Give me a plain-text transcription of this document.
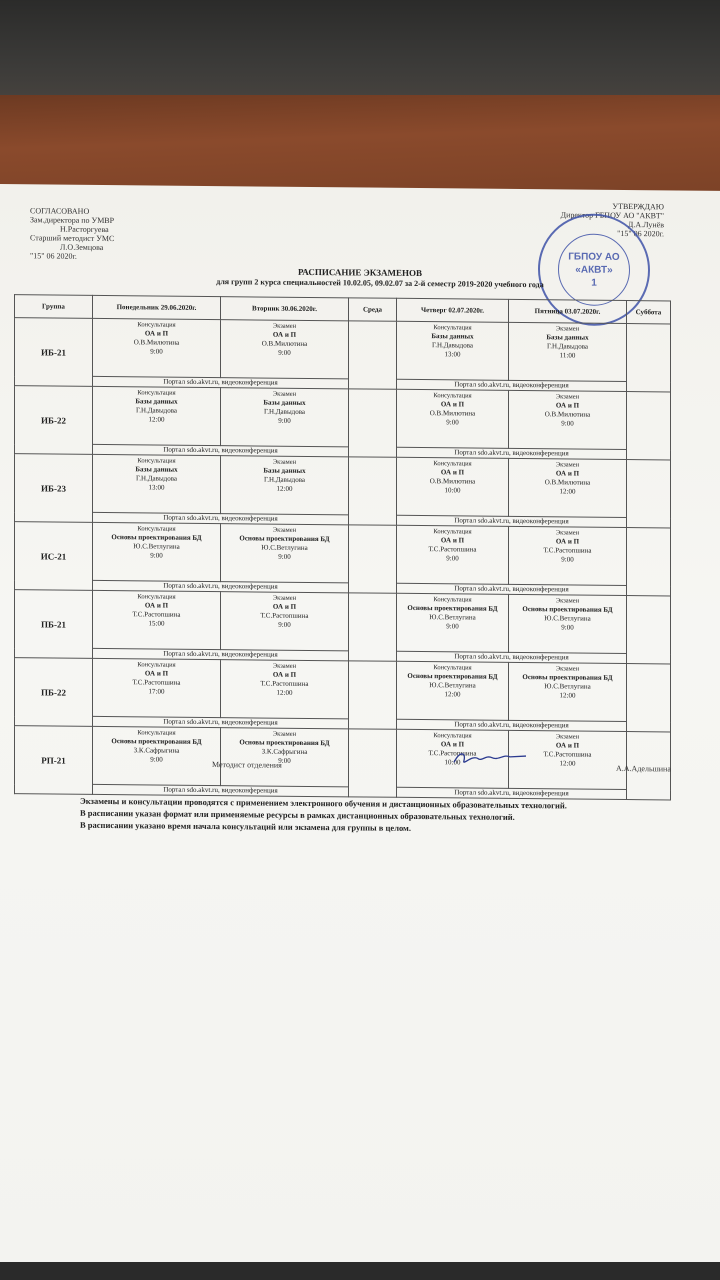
СОГЛАСОВАНО
Зам.директора по УМВР
Н.Расторгуева
Старший методист УМС
Л.О.Земцова
"15" 06 2020г.
УТВЕРЖДАЮ
Директор ГБПОУ АО "АКВТ"
Д.А.Лунёв
"15" 06 2020г.
ГБПОУ АО
«АКВТ»
1
РАСПИСАНИЕ ЭКЗАМЕНОВ
для групп 2 курса специальностей 10.02.05, 09.02.07 за 2-й семестр 2019-2020 учебного года
Группа	Понедельник 29.06.2020г.	Вторник 30.06.2020г.	Среда	Четверг 02.07.2020г.	Пятница 03.07.2020г.	Суббота
ИБ-21	Консультация
ОА и П
О.В.Милютина
9:00	Экзамен
ОА и П
О.В.Милютина
9:00		Консультация
Базы данных
Г.Н.Давыдова
13:00	Экзамен
Базы данных
Г.Н.Давыдова
11:00	

	Портал sdo.akvt.ru, видеоконференция			Портал sdo.akvt.ru, видеоконференция		
ИБ-22	Консультация
Базы данных
Г.Н.Давыдова
12:00	Экзамен
Базы данных
Г.Н.Давыдова
9:00		Консультация
ОА и П
О.В.Милютина
9:00	Экзамен
ОА и П
О.В.Милютина
9:00	

	Портал sdo.akvt.ru, видеоконференция			Портал sdo.akvt.ru, видеоконференция		
ИБ-23	Консультация
Базы данных
Г.Н.Давыдова
13:00	Экзамен
Базы данных
Г.Н.Давыдова
12:00		Консультация
ОА и П
О.В.Милютина
10:00	Экзамен
ОА и П
О.В.Милютина
12:00	

	Портал sdo.akvt.ru, видеоконференция			Портал sdo.akvt.ru, видеоконференция		
ИС-21	Консультация
Основы проектирования БД
Ю.С.Ветлугина
9:00	Экзамен
Основы проектирования БД
Ю.С.Ветлугина
9:00		Консультация
ОА и П
Т.С.Растопшина
9:00	Экзамен
ОА и П
Т.С.Растопшина
9:00	

	Портал sdo.akvt.ru, видеоконференция			Портал sdo.akvt.ru, видеоконференция		
ПБ-21	Консультация
ОА и П
Т.С.Растопшина
15:00	Экзамен
ОА и П
Т.С.Растопшина
9:00		Консультация
Основы проектирования БД
Ю.С.Ветлугина
9:00	Экзамен
Основы проектирования БД
Ю.С.Ветлугина
9:00	

	Портал sdo.akvt.ru, видеоконференция			Портал sdo.akvt.ru, видеоконференция		
ПБ-22	Консультация
ОА и П
Т.С.Растопшина
17:00	Экзамен
ОА и П
Т.С.Растопшина
12:00		Консультация
Основы проектирования БД
Ю.С.Ветлугина
12:00	Экзамен
Основы проектирования БД
Ю.С.Ветлугина
12:00	

	Портал sdo.akvt.ru, видеоконференция			Портал sdo.akvt.ru, видеоконференция		
РП-21	Консультация
Основы проектирования БД
З.К.Сафрыгина
9:00	Экзамен
Основы проектирования БД
З.К.Сафрыгина
9:00		Консультация
ОА и П
Т.С.Растопшина
10:00	Экзамен
ОА и П
Т.С.Растопшина
12:00	

	Портал sdo.akvt.ru, видеоконференция			Портал sdo.akvt.ru, видеоконференция		
Методист отделения	А.А.Адельшина
Экзамены и консультации проводятся с применением электронного обучения и дистанционных образовательных технологий.
В расписании указан формат или применяемые ресурсы в рамках дистанционных образовательных технологий.
В расписании указано время начала консультаций или экзамена для группы в целом.
